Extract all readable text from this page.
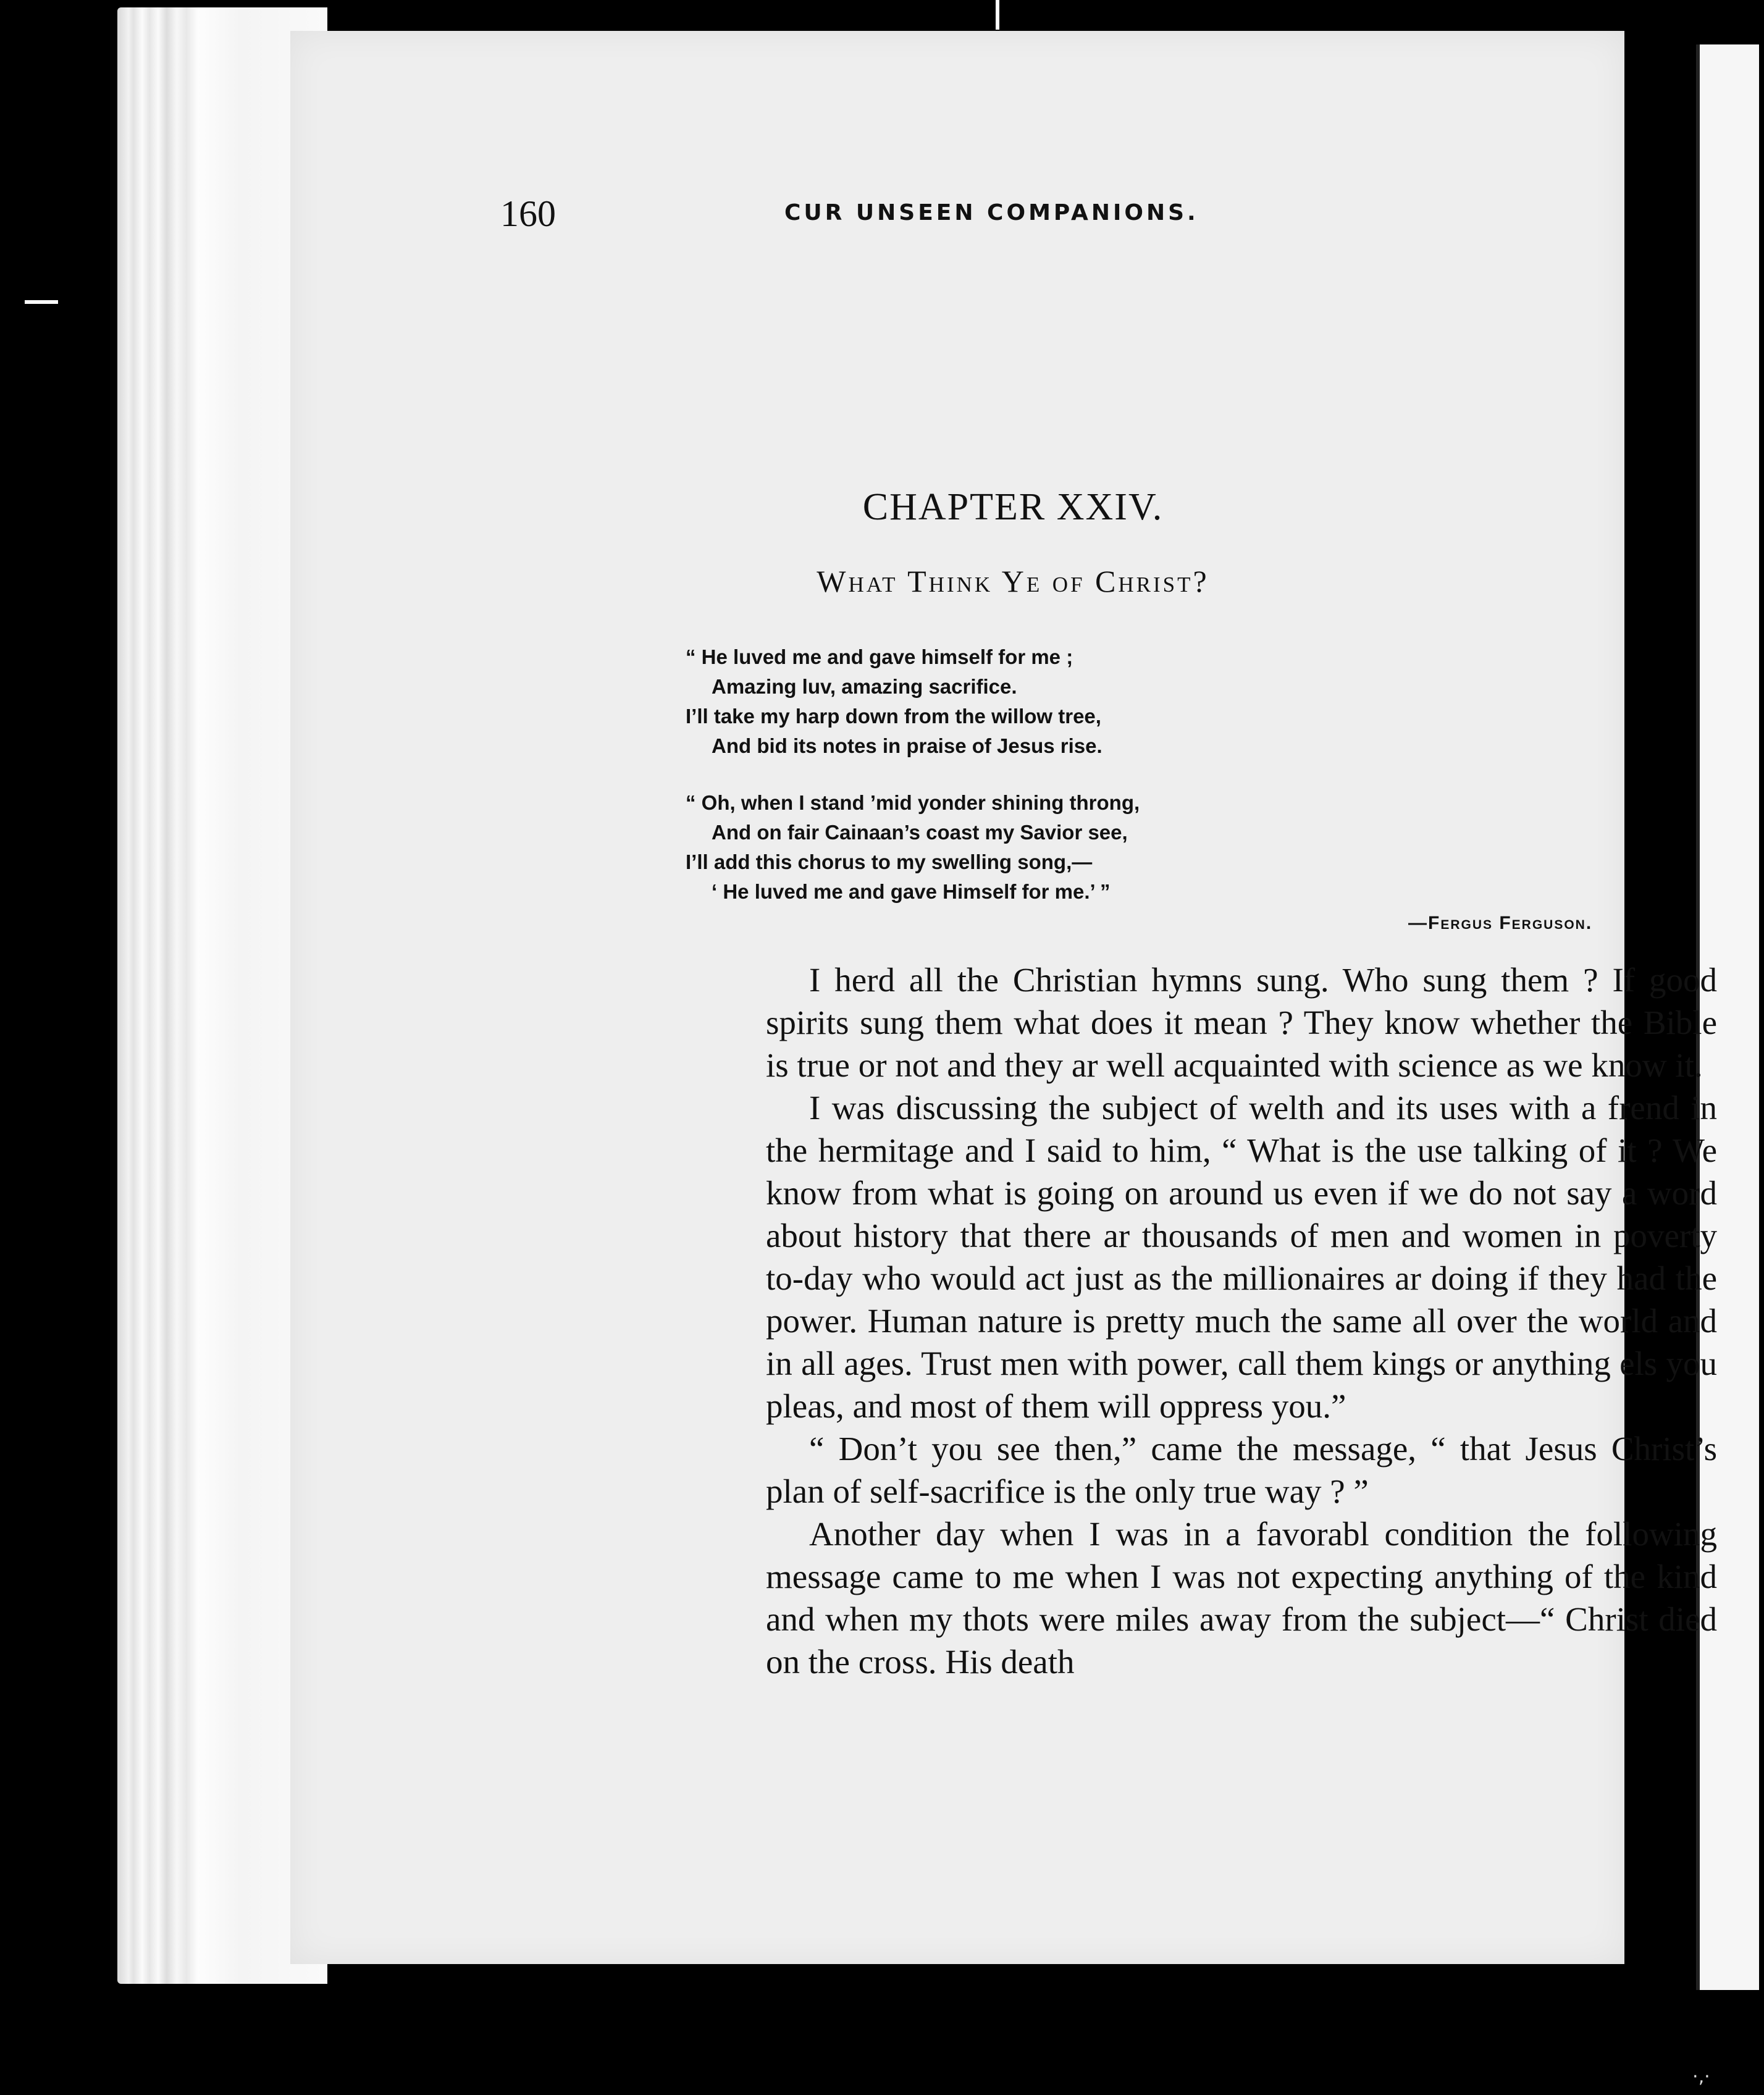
160	CUR UNSEEN COMPANIONS.
CHAPTER XXIV.
What Think Ye of Christ?
“ He luved me and gave himself for me ;
Amazing luv, amazing sacrifice.
I’ll take my harp down from the willow tree,
And bid its notes in praise of Jesus rise.
“ Oh, when I stand ’mid yonder shining throng,
And on fair Cainaan’s coast my Savior see,
I’ll add this chorus to my swelling song,—
‘ He luved me and gave Himself for me.’ ”
—Fergus Ferguson.

I herd all the Christian hymns sung. Who sung them ? If good spirits sung them what does it mean ? They know whether the Bible is true or not and they ar well acquainted with science as we know it.

I was discussing the subject of welth and its uses with a frend in the hermitage and I said to him, “ What is the use talking of it ? We know from what is going on around us even if we do not say a word about history that there ar thousands of men and women in poverty to-day who would act just as the millionaires ar doing if they had the power. Human nature is pretty much the same all over the world and in all ages. Trust men with power, call them kings or anything els you pleas, and most of them will oppress you.”

“ Don’t you see then,” came the message, “ that Jesus Christ’s plan of self-sacrifice is the only true way ? ”

Another day when I was in a favorabl condition the following message came to me when I was not expecting anything of the kind and when my thots were miles away from the subject—“ Christ died on the cross. His death

·‚·
